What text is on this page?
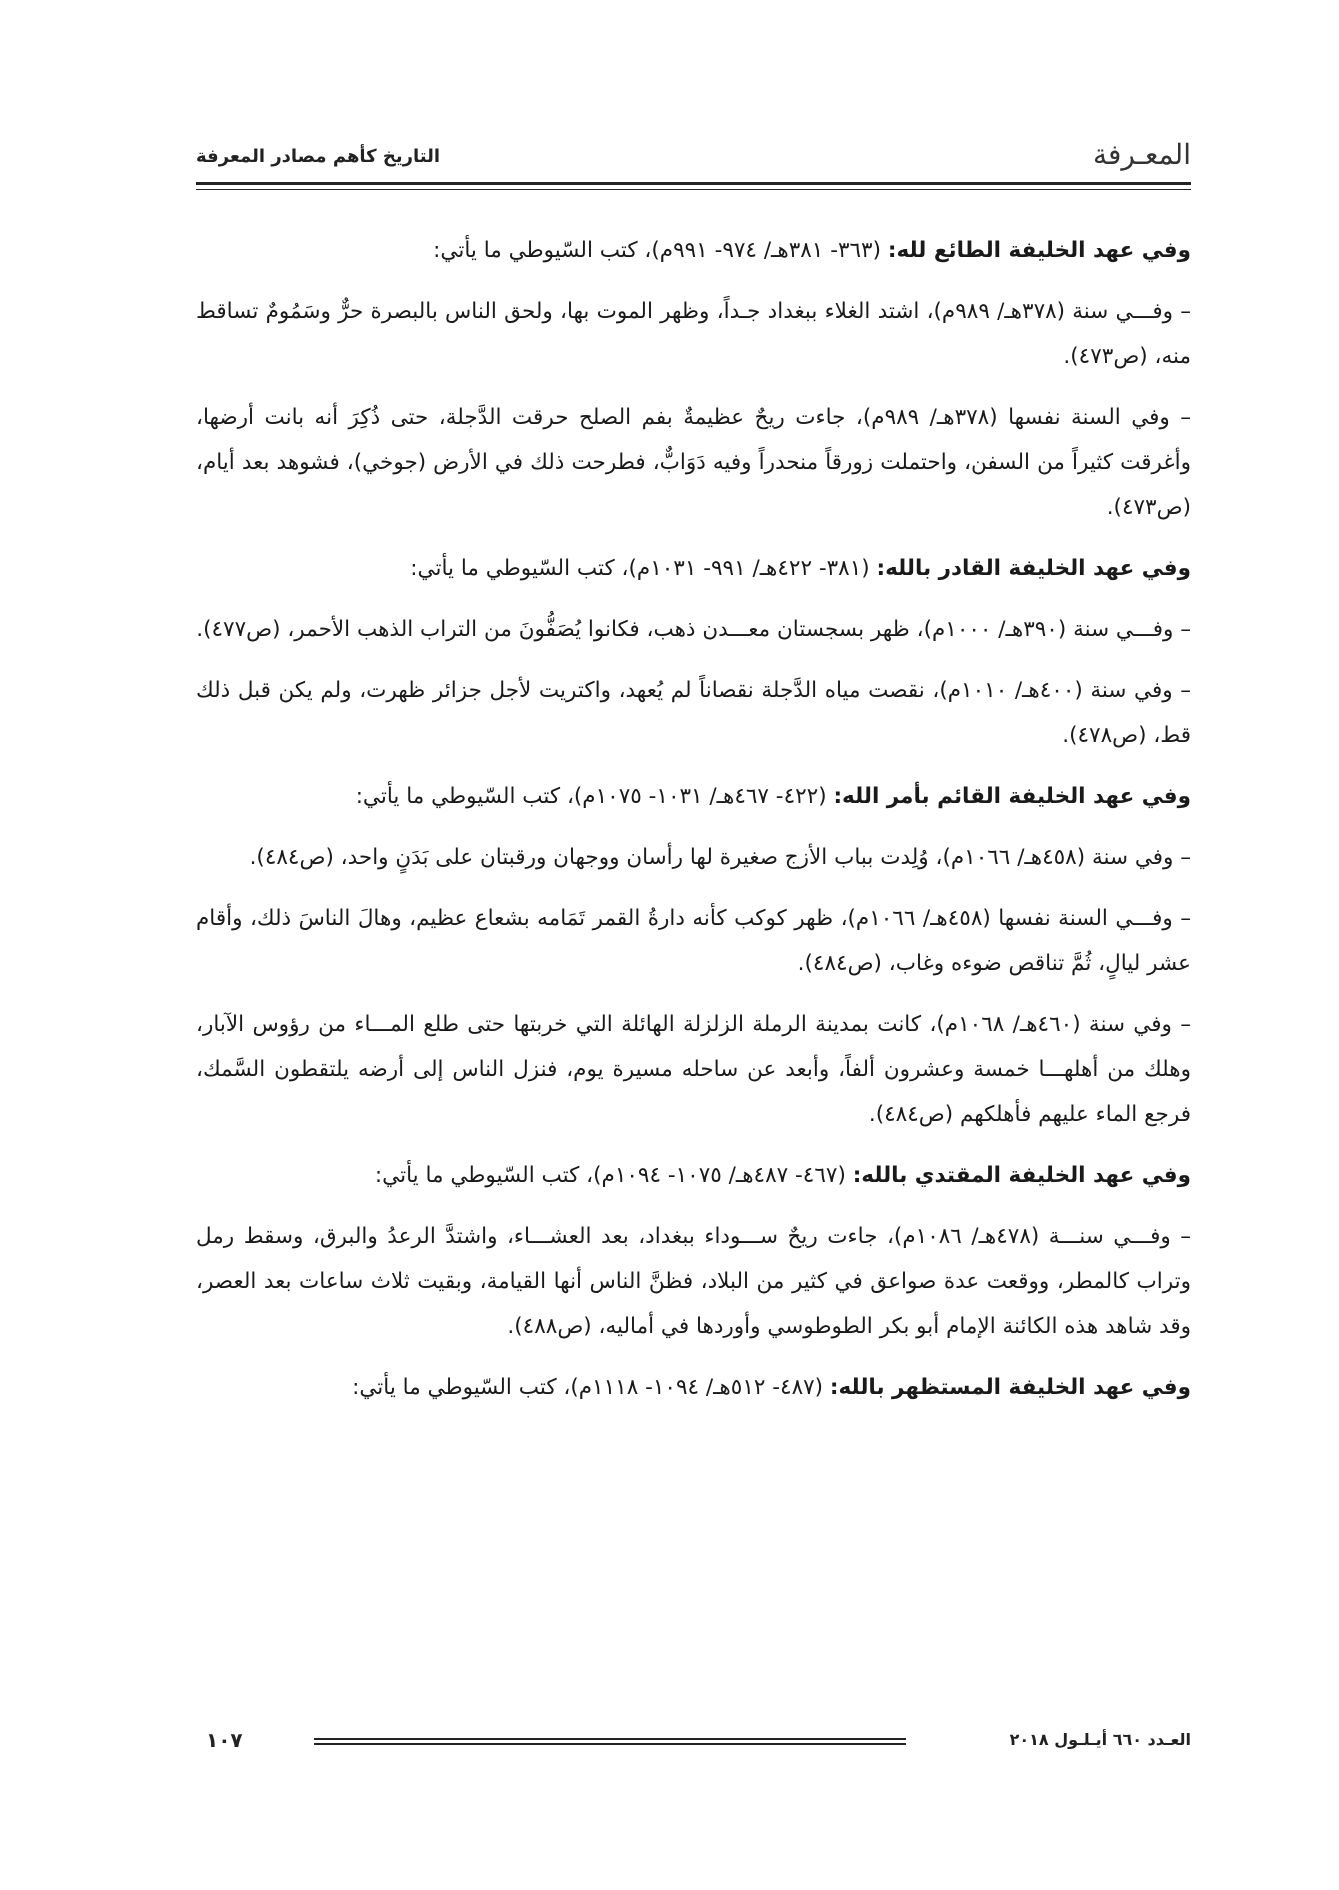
المعـرفة
التاريخ كأهم مصادر المعرفة

وفي عهد الخليفة الطائع لله: (٣٦٣- ٣٨١هـ/ ٩٧٤- ٩٩١م)، كتب السّيوطي ما يأتي:

– وفـــي سنة (٣٧٨هـ/ ٩٨٩م)، اشتد الغلاء ببغداد جـداً، وظهر الموت بها، ولحق الناس بالبصرة حرٌّ وسَمُومٌ تساقط منه، (ص٤٧٣).

– وفي السنة نفسها (٣٧٨هـ/ ٩٨٩م)، جاءت ريحٌ عظيمةٌ بفم الصلح حرقت الدَّجلة، حتى ذُكِرَ أنه بانت أرضها، وأغرقت كثيراً من السفن، واحتملت زورقاً منحدراً وفيه دَوَابٌّ، فطرحت ذلك في الأرض (جوخي)، فشوهد بعد أيام، (ص٤٧٣).

وفي عهد الخليفة القادر بالله: (٣٨١- ٤٢٢هـ/ ٩٩١- ١٠٣١م)، كتب السّيوطي ما يأتي:

– وفـــي سنة (٣٩٠هـ/ ١٠٠٠م)، ظهر بسجستان معـــدن ذهب، فكانوا يُصَفُّونَ من التراب الذهب الأحمر، (ص٤٧٧).

– وفي سنة (٤٠٠هـ/ ١٠١٠م)، نقصت مياه الدَّجلة نقصاناً لم يُعهد، واكتريت لأجل جزائر ظهرت، ولم يكن قبل ذلك قط، (ص٤٧٨).

وفي عهد الخليفة القائم بأمر الله: (٤٢٢- ٤٦٧هـ/ ١٠٣١- ١٠٧٥م)، كتب السّيوطي ما يأتي:

– وفي سنة (٤٥٨هـ/ ١٠٦٦م)، وُلِدت بباب الأزج صغيرة لها رأسان ووجهان ورقبتان على بَدَنٍ واحد، (ص٤٨٤).

– وفـــي السنة نفسها (٤٥٨هـ/ ١٠٦٦م)، ظهر كوكب كأنه دارةُ القمر تَمَامه بشعاع عظيم، وهالَ الناسَ ذلك، وأقام عشر ليالٍ، ثُمَّ تناقص ضوءه وغاب، (ص٤٨٤).

– وفي سنة (٤٦٠هـ/ ١٠٦٨م)، كانت بمدينة الرملة الزلزلة الهائلة التي خربتها حتى طلع المـــاء من رؤوس الآبار، وهلك من أهلهـــا خمسة وعشرون ألفاً، وأبعد عن ساحله مسيرة يوم، فنزل الناس إلى أرضه يلتقطون السَّمك، فرجع الماء عليهم فأهلكهم (ص٤٨٤).

وفي عهد الخليفة المقتدي بالله: (٤٦٧- ٤٨٧هـ/ ١٠٧٥- ١٠٩٤م)، كتب السّيوطي ما يأتي:

– وفـــي سنـــة (٤٧٨هـ/ ١٠٨٦م)، جاءت ريحٌ ســـوداء ببغداد، بعد العشـــاء، واشتدَّ الرعدُ والبرق، وسقط رمل وتراب كالمطر، ووقعت عدة صواعق في كثير من البلاد، فظنَّ الناس أنها القيامة، وبقيت ثلاث ساعات بعد العصر، وقد شاهد هذه الكائنة الإمام أبو بكر الطوطوسي وأوردها في أماليه، (ص٤٨٨).

وفي عهد الخليفة المستظهر بالله: (٤٨٧- ٥١٢هـ/ ١٠٩٤- ١١١٨م)، كتب السّيوطي ما يأتي:

١٠٧	العـدد ٦٦٠ أيـلـول ٢٠١٨
